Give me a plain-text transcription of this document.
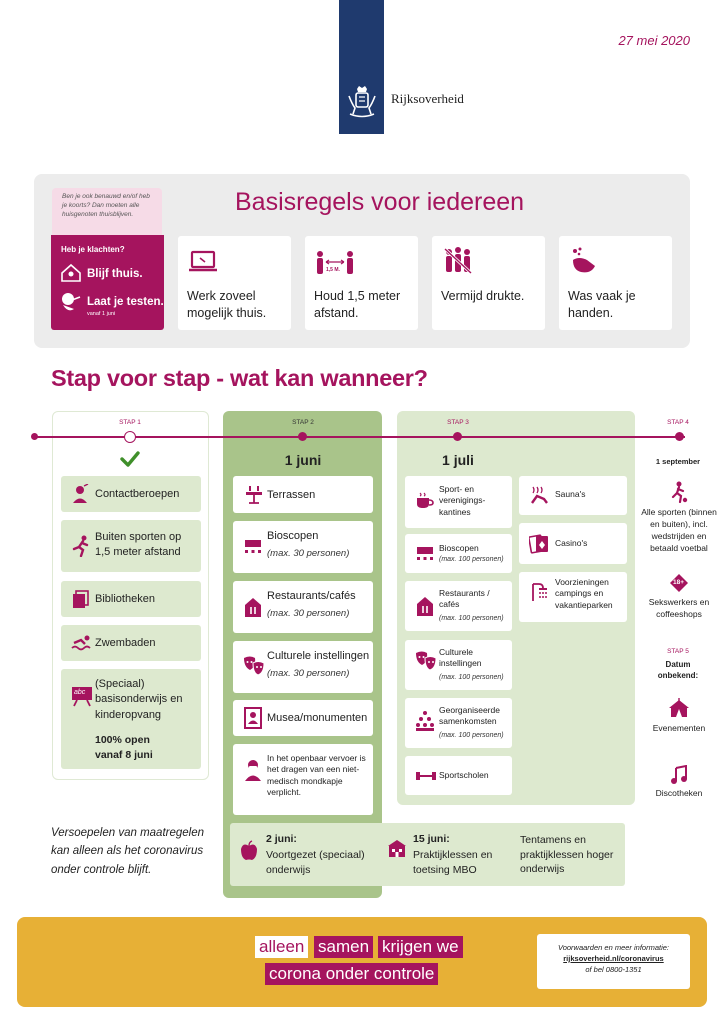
Rijksoverheid
27 mei 2020
Ben je ook benauwd en/of heb je koorts? Dan moeten alle huisgenoten thuisblijven.
Heb je klachten?
Blijf thuis.
Laat je testen.
vanaf 1 juni
Basisregels voor iedereen
Werk zoveel mogelijk thuis.
1,5 M.
Houd 1,5 meter afstand.
Vermijd drukte.	Was vaak je handen.
Stap voor stap - wat kan wanneer?
STAP 1	STAP 2	STAP 3	STAP 4
1 juni	1 juli
Contactberoepen
Buiten sporten op 1,5 meter afstand
Bibliotheken
Zwembaden
abc
(Speciaal) basisonderwijs en kinderopvang
100% open vanaf 8 juni
Terrassen
Bioscopen
(max. 30 personen)
Restaurants/cafés
(max. 30 personen)
Culturele instellingen
(max. 30 personen)
Musea/monumenten
In het openbaar vervoer is het dragen van een niet-medisch mondkapje verplicht.
Sport- en verenigings- kantines
Bioscopen
(max. 100 personen)
Restaurants / cafés
(max. 100 personen)
Culturele instellingen
(max. 100 personen)
Georganiseerde samenkomsten
(max. 100 personen)
Sportscholen
Sauna's
Casino's
Voorzieningen campings en vakantieparken
1 september
Alle sporten (binnen en buiten), incl. wedstrijden en betaald voetbal
18+
Sekswerkers en coffeeshops
STAP 5
Datum onbekend:
Evenementen
Discotheken
Versoepelen van maatregelen kan alleen als het coronavirus onder controle blijft.
2 juni:
Voortgezet (speciaal) onderwijs
15 juni:
Praktijklessen en toetsing MBO
Tentamens en praktijklessen hoger onderwijs
alleen samen krijgen we
corona onder controle
Voorwaarden en meer informatie:
rijksoverheid.nl/coronavirus
of bel 0800-1351
